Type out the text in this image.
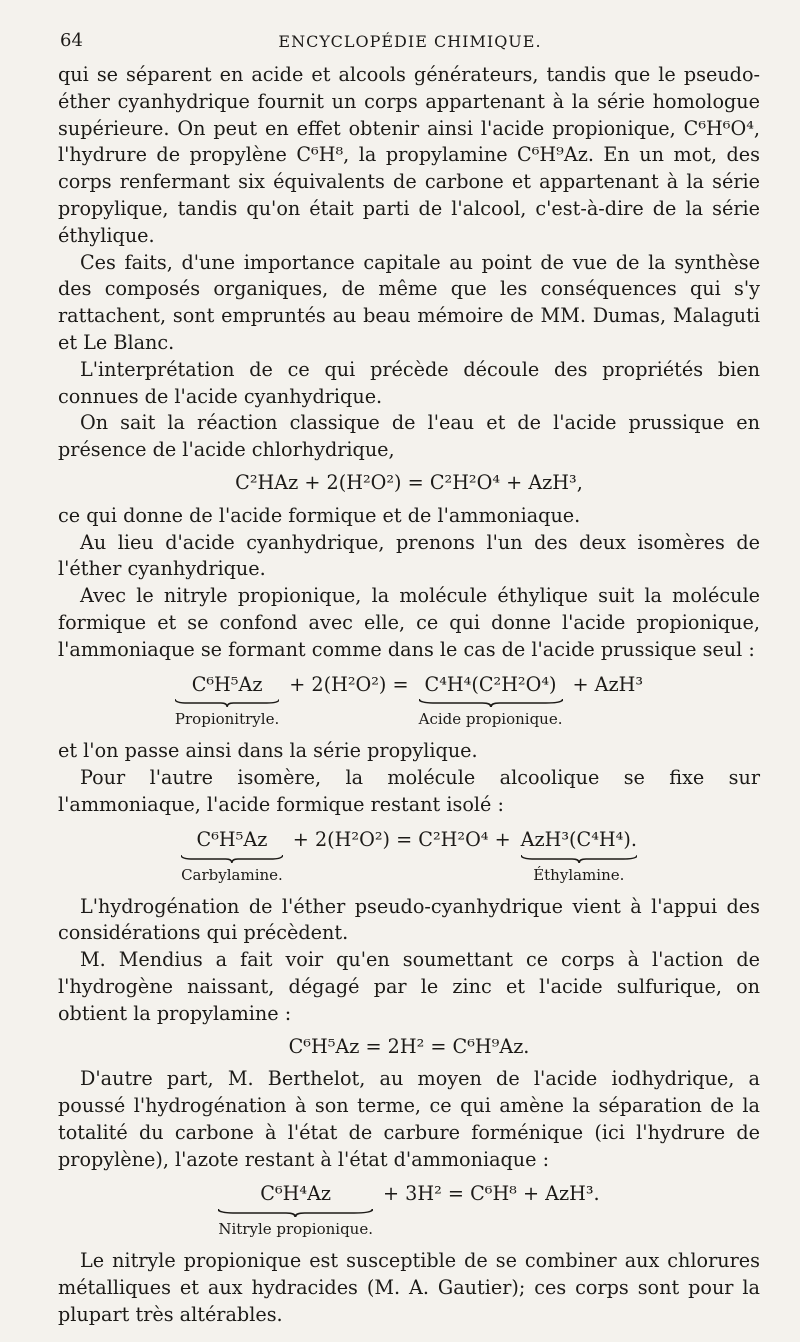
64	ENCYCLOPÉDIE CHIMIQUE.

qui se séparent en acide et alcools générateurs, tandis que le pseudo-éther cyanhydrique fournit un corps appartenant à la série homologue supérieure. On peut en effet obtenir ainsi l'acide propionique, C⁶H⁶O⁴, l'hydrure de propylène C⁶H⁸, la propylamine C⁶H⁹Az. En un mot, des corps renfermant six équivalents de carbone et appartenant à la série propylique, tandis qu'on était parti de l'alcool, c'est-à-dire de la série éthylique.

Ces faits, d'une importance capitale au point de vue de la synthèse des composés organiques, de même que les conséquences qui s'y rattachent, sont empruntés au beau mémoire de MM. Dumas, Malaguti et Le Blanc.

L'interprétation de ce qui précède découle des propriétés bien connues de l'acide cyanhydrique.

On sait la réaction classique de l'eau et de l'acide prussique en présence de l'acide chlorhydrique,

C²HAz + 2(H²O²) = C²H²O⁴ + AzH³,

ce qui donne de l'acide formique et de l'ammoniaque.

Au lieu d'acide cyanhydrique, prenons l'un des deux isomères de l'éther cyanhydrique.

Avec le nitryle propionique, la molécule éthylique suit la molécule formique et se confond avec elle, ce qui donne l'acide propionique, l'ammoniaque se formant comme dans le cas de l'acide prussique seul :

C⁶H⁵Az
Propionitryle.
+ 2(H²O²) = C⁴H⁴(C²H²O⁴)
Acide propionique.
+ AzH³

et l'on passe ainsi dans la série propylique.

Pour l'autre isomère, la molécule alcoolique se fixe sur l'ammoniaque, l'acide formique restant isolé :

C⁶H⁵Az
Carbylamine.
+ 2(H²O²) = C²H²O⁴ + AzH³(C⁴H⁴).
Éthylamine.

L'hydrogénation de l'éther pseudo-cyanhydrique vient à l'appui des considérations qui précèdent.

M. Mendius a fait voir qu'en soumettant ce corps à l'action de l'hydrogène naissant, dégagé par le zinc et l'acide sulfurique, on obtient la propylamine :

C⁶H⁵Az = 2H² = C⁶H⁹Az.

D'autre part, M. Berthelot, au moyen de l'acide iodhydrique, a poussé l'hydrogénation à son terme, ce qui amène la séparation de la totalité du carbone à l'état de carbure forménique (ici l'hydrure de propylène), l'azote restant à l'état d'ammoniaque :

C⁶H⁴Az
Nitryle propionique.
+ 3H² = C⁶H⁸ + AzH³.

Le nitryle propionique est susceptible de se combiner aux chlorures métalliques et aux hydracides (M. A. Gautier); ces corps sont pour la plupart très altérables.
